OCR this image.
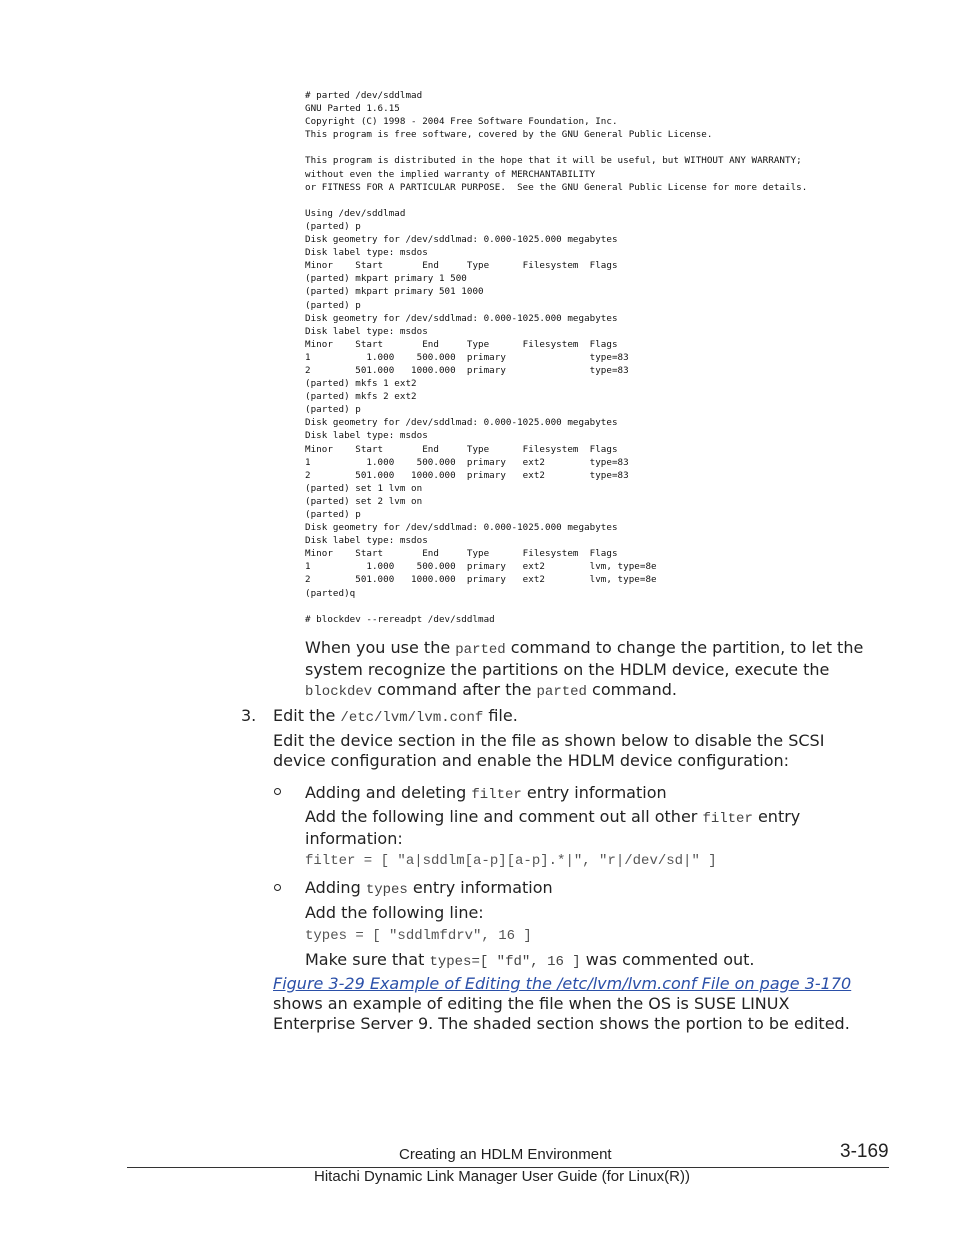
# parted /dev/sddlmad
GNU Parted 1.6.15
Copyright (C) 1998 - 2004 Free Software Foundation, Inc.
This program is free software, covered by the GNU General Public License.
This program is distributed in the hope that it will be useful, but WITHOUT ANY WARRANTY;
without even the implied warranty of MERCHANTABILITY
or FITNESS FOR A PARTICULAR PURPOSE.  See the GNU General Public License for more details.
Using /dev/sddlmad
(parted) p
Disk geometry for /dev/sddlmad: 0.000-1025.000 megabytes
Disk label type: msdos
Minor    Start       End     Type      Filesystem  Flags
(parted) mkpart primary 1 500
(parted) mkpart primary 501 1000
(parted) p
Disk geometry for /dev/sddlmad: 0.000-1025.000 megabytes
Disk label type: msdos
Minor    Start       End     Type      Filesystem  Flags
1          1.000    500.000  primary               type=83
2        501.000   1000.000  primary               type=83
(parted) mkfs 1 ext2
(parted) mkfs 2 ext2
(parted) p
Disk geometry for /dev/sddlmad: 0.000-1025.000 megabytes
Disk label type: msdos
Minor    Start       End     Type      Filesystem  Flags
1          1.000    500.000  primary   ext2        type=83
2        501.000   1000.000  primary   ext2        type=83
(parted) set 1 lvm on
(parted) set 2 lvm on
(parted) p
Disk geometry for /dev/sddlmad: 0.000-1025.000 megabytes
Disk label type: msdos
Minor    Start       End     Type      Filesystem  Flags
1          1.000    500.000  primary   ext2        lvm, type=8e
2        501.000   1000.000  primary   ext2        lvm, type=8e
(parted)q
# blockdev --rereadpt /dev/sddlmad
When you use the parted command to change the partition, to let the system recognize the partitions on the HDLM device, execute the blockdev command after the parted command.
3. Edit the /etc/lvm/lvm.conf file.
Edit the device section in the file as shown below to disable the SCSI device configuration and enable the HDLM device configuration:
Adding and deleting filter entry information
Add the following line and comment out all other filter entry information:
filter = [ "a|sddlm[a-p][a-p].*|", "r|/dev/sd|" ]
Adding types entry information
Add the following line:
types = [ "sddlmfdrv", 16 ]
Make sure that types=[ "fd", 16 ] was commented out.
Figure 3-29 Example of Editing the /etc/lvm/lvm.conf File on page 3-170
shows an example of editing the file when the OS is SUSE LINUX
Enterprise Server 9. The shaded section shows the portion to be edited.
Creating an HDLM Environment	3-169
Hitachi Dynamic Link Manager User Guide (for Linux(R))
